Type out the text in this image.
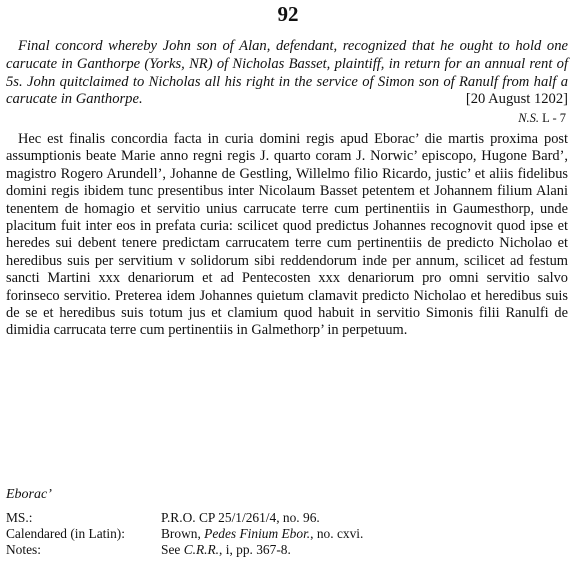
92
Final concord whereby John son of Alan, defendant, recognized that he ought to hold one carucate in Ganthorpe (Yorks, NR) of Nicholas Basset, plaintiff, in return for an annual rent of 5s. John quitclaimed to Nicholas all his right in the service of Simon son of Ranulf from half a carucate in Ganthorpe.	[20 August 1202]
N.S. L - 7
Hec est finalis concordia facta in curia domini regis apud Eborac’ die martis proxima post assumptionis beate Marie anno regni regis J. quarto coram J. Norwic’ episcopo, Hugone Bard’, magistro Rogero Arundell’, Johanne de Gestling, Willelmo filio Ricardo, justic’ et aliis fidelibus domini regis ibidem tunc presentibus inter Nicolaum Basset petentem et Johannem filium Alani tenentem de homagio et servitio unius carrucate terre cum pertinentiis in Gaumesthorp, unde placitum fuit inter eos in prefata curia: scilicet quod predictus Johannes recognovit quod ipse et heredes sui debent tenere predictam carrucatem terre cum pertinentiis de predicto Nicholao et heredibus suis per servitium v solidorum sibi reddendorum inde per annum, scilicet ad festum sancti Martini xxx denariorum et ad Pentecosten xxx denariorum pro omni servitio salvo forinseco servitio. Preterea idem Johannes quietum clamavit predicto Nicholao et heredibus suis de se et heredibus suis totum jus et clamium quod habuit in servitio Simonis filii Ranulfi de dimidia carrucata terre cum pertinentiis in Galmethorp’ in perpetuum.
Eborac’
MS.:	P.R.O. CP 25/1/261/4, no. 96.
Calendared (in Latin):	Brown, Pedes Finium Ebor., no. cxvi.
Notes:	See C.R.R., i, pp. 367-8.
